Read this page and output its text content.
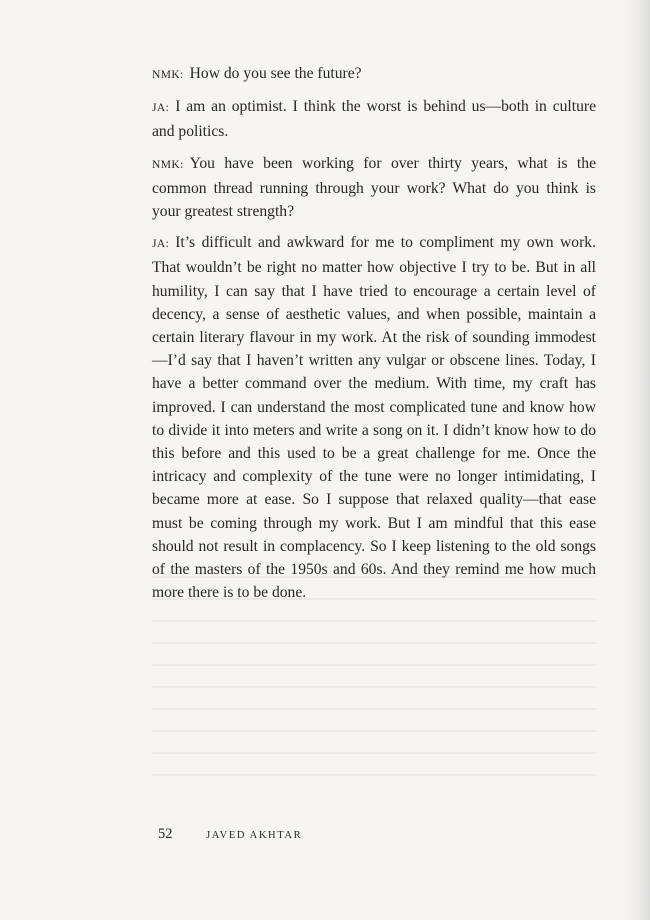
NMK: How do you see the future?

JA: I am an optimist. I think the worst is behind us—both in culture and politics.

NMK: You have been working for over thirty years, what is the common thread running through your work? What do you think is your greatest strength?

JA: It’s difficult and awkward for me to compliment my own work. That wouldn’t be right no matter how objective I try to be. But in all humility, I can say that I have tried to encourage a certain level of decency, a sense of aesthetic values, and when possible, maintain a certain literary flavour in my work. At the risk of sounding immodest—I’d say that I haven’t written any vulgar or obscene lines. Today, I have a better command over the medium. With time, my craft has improved. I can understand the most complicated tune and know how to divide it into meters and write a song on it. I didn’t know how to do this before and this used to be a great challenge for me. Once the intricacy and complexity of the tune were no longer intimidating, I became more at ease. So I suppose that relaxed quality—that ease must be coming through my work. But I am mindful that this ease should not result in complacency. So I keep listening to the old songs of the masters of the 1950s and 60s. And they remind me how much more there is to be done.

52	JAVED AKHTAR
